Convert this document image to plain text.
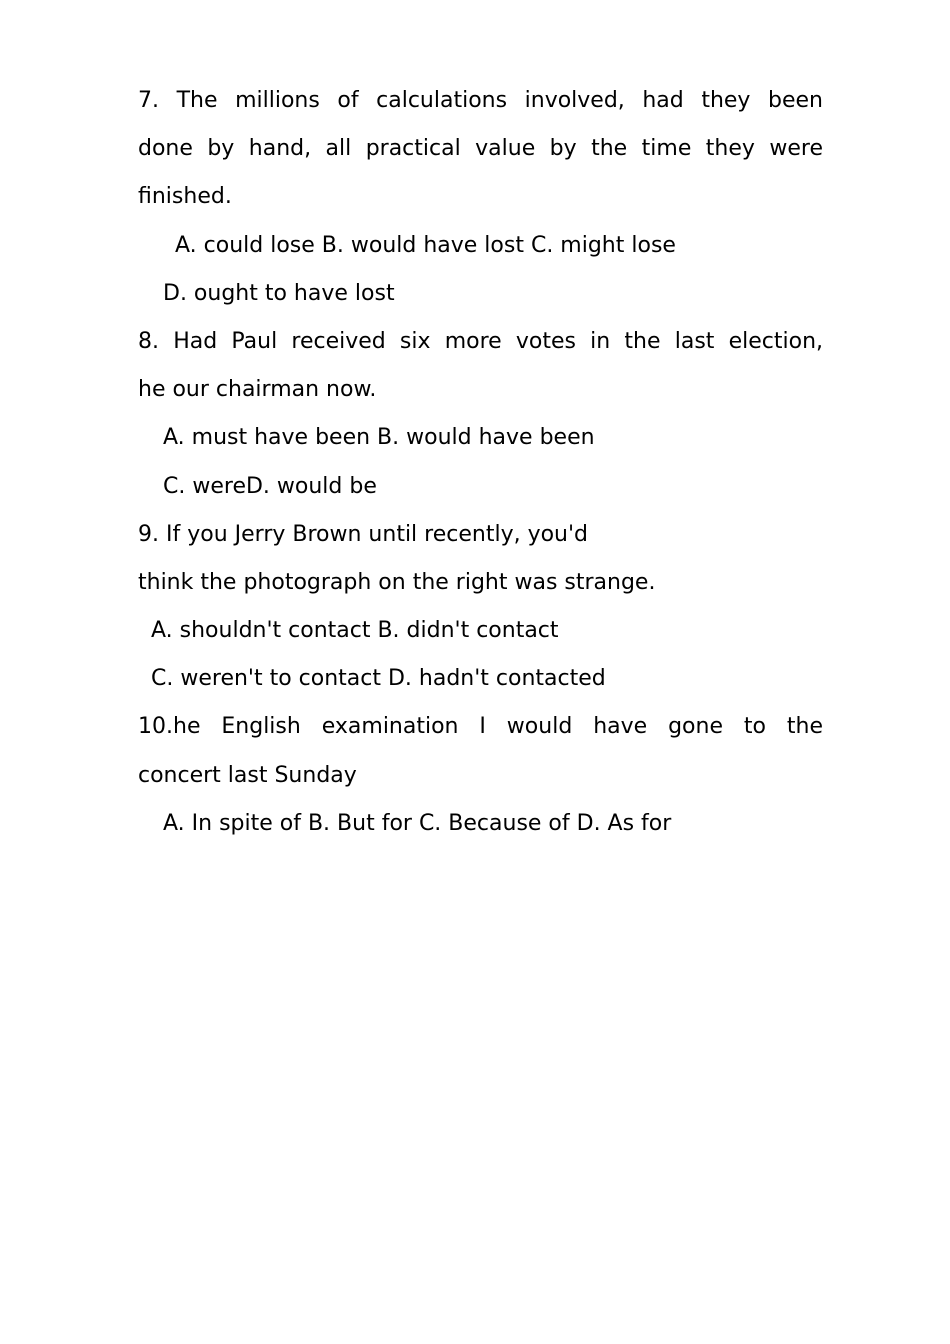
7. The millions of calculations involved, had they been
done by hand, all practical value by the time they were
finished.
A. could lose B. would have lost C. might lose
D. ought to have lost
8. Had Paul received six more votes in the last election,
he our chairman now.
A. must have been B. would have been
C. wereD. would be
9. If you Jerry Brown until recently, you'd
think the photograph on the right was strange.
A. shouldn't contact B. didn't contact
C. weren't to contact D. hadn't contacted
10.he English examination I would have gone to the
concert last Sunday
A. In spite of B. But for C. Because of D. As for
